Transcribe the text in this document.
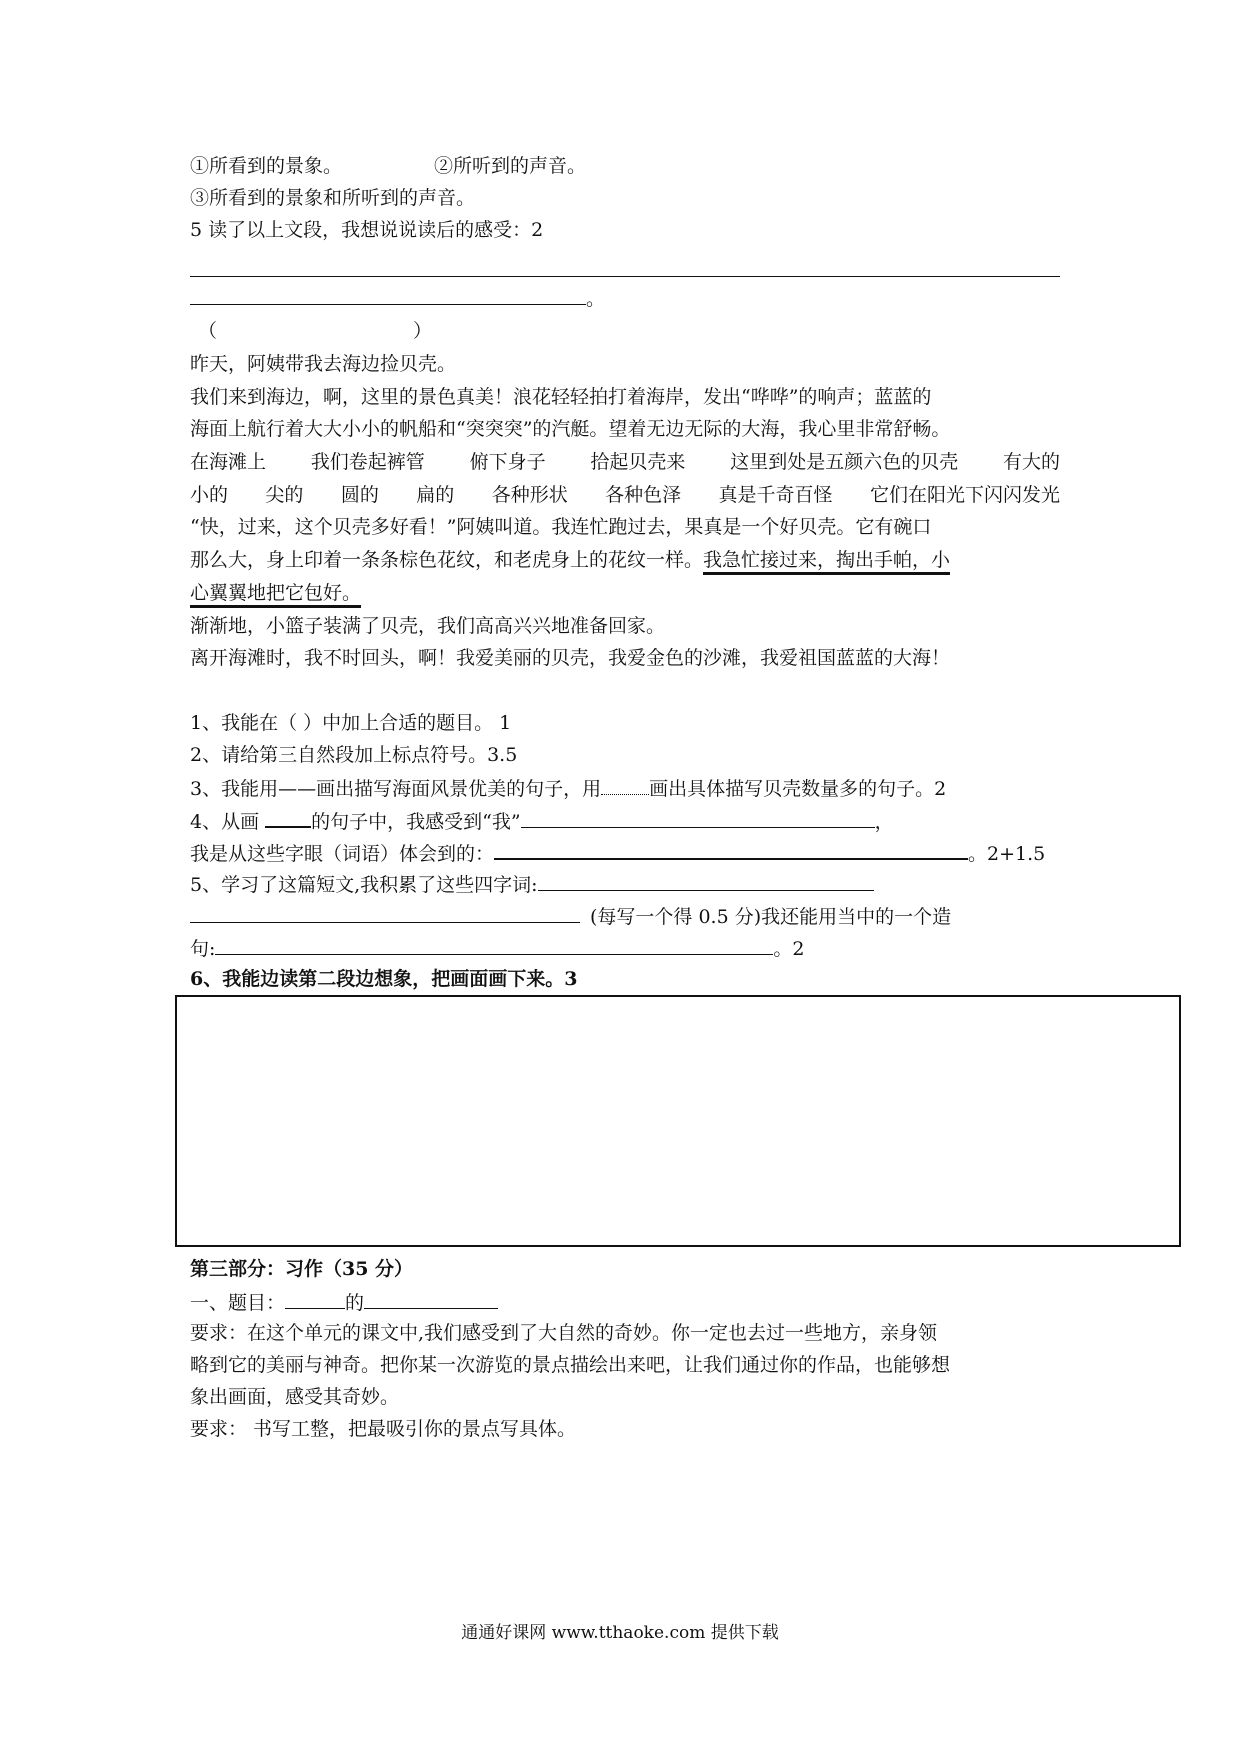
①所看到的景象。	②所听到的声音。
③所看到的景象和所听到的声音。
5 读了以上文段，我想说说读后的感受：2
。
（	）
昨天，阿姨带我去海边捡贝壳。
我们来到海边，啊，这里的景色真美！浪花轻轻拍打着海岸，发出“哗哗”的响声；蓝蓝的
海面上航行着大大小小的帆船和“突突突”的汽艇。望着无边无际的大海，我心里非常舒畅。
在海滩上 我们卷起裤管 俯下身子 拾起贝壳来 这里到处是五颜六色的贝壳 有大的
小的 尖的 圆的 扁的 各种形状 各种色泽 真是千奇百怪 它们在阳光下闪闪发光
“快，过来，这个贝壳多好看！”阿姨叫道。我连忙跑过去，果真是一个好贝壳。它有碗口
那么大，身上印着一条条棕色花纹，和老虎身上的花纹一样。我急忙接过来，掏出手帕，小
心翼翼地把它包好。
渐渐地，小篮子装满了贝壳，我们高高兴兴地准备回家。
离开海滩时，我不时回头，啊！我爱美丽的贝壳，我爱金色的沙滩，我爱祖国蓝蓝的大海！
1、我能在（ ）中加上合适的题目。 1
2、请给第三自然段加上标点符号。3.5
3、我能用——画出描写海面风景优美的句子，用	画出具体描写贝壳数量多的句子。2
4、从画 的句子中，我感受到“我”	，
我是从这些字眼（词语）体会到的：	。2+1.5
5、学习了这篇短文,我积累了这些四字词:
(每写一个得 0.5 分)我还能用当中的一个造
句:	。2
6、我能边读第二段边想象，把画面画下来。3
第三部分：习作（35 分）
一、题目：	的
要求：在这个单元的课文中,我们感受到了大自然的奇妙。你一定也去过一些地方，亲身领
略到它的美丽与神奇。把你某一次游览的景点描绘出来吧，让我们通过你的作品，也能够想
象出画面，感受其奇妙。
要求： 书写工整，把最吸引你的景点写具体。
通通好课网 www.tthaoke.com 提供下载
